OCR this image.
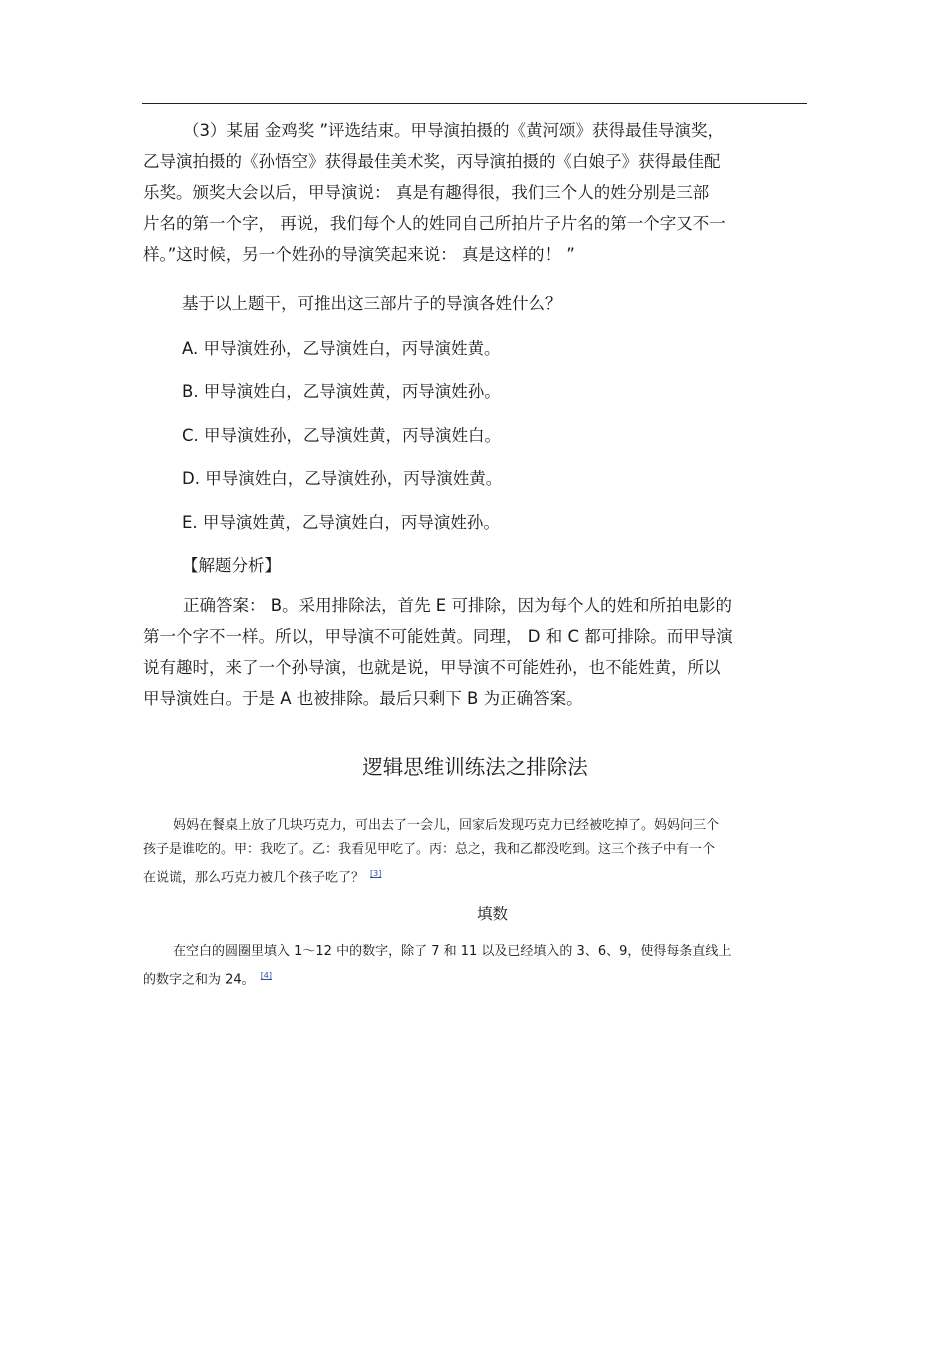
（3）某届 金鸡奖 ”评选结束。甲导演拍摄的《黄河颂》获得最佳导演奖，
乙导演拍摄的《孙悟空》获得最佳美术奖，丙导演拍摄的《白娘子》获得最佳配
乐奖。颁奖大会以后，甲导演说： 真是有趣得很，我们三个人的姓分别是三部
片名的第一个字， 再说，我们每个人的姓同自己所拍片子片名的第一个字又不一
样。”这时候，另一个姓孙的导演笑起来说： 真是这样的！ ”
基于以上题干，可推出这三部片子的导演各姓什么？
A. 甲导演姓孙，乙导演姓白，丙导演姓黄。
B. 甲导演姓白，乙导演姓黄，丙导演姓孙。
C. 甲导演姓孙，乙导演姓黄，丙导演姓白。
D. 甲导演姓白，乙导演姓孙，丙导演姓黄。
E. 甲导演姓黄，乙导演姓白，丙导演姓孙。
【解题分析】
正确答案： B。采用排除法，首先 E 可排除，因为每个人的姓和所拍电影的
第一个字不一样。所以，甲导演不可能姓黄。同理， D 和 C 都可排除。而甲导演
说有趣时，来了一个孙导演，也就是说，甲导演不可能姓孙，也不能姓黄，所以
甲导演姓白。于是 A 也被排除。最后只剩下 B 为正确答案。
逻辑思维训练法之排除法
妈妈在餐桌上放了几块巧克力，可出去了一会儿，回家后发现巧克力已经被吃掉了。妈妈问三个
孩子是谁吃的。甲：我吃了。乙：我看见甲吃了。丙：总之，我和乙都没吃到。这三个孩子中有一个
在说谎，那么巧克力被几个孩子吃了？ [3]
填数
在空白的圆圈里填入 1～12 中的数字，除了 7 和 11 以及已经填入的 3、6、9，使得每条直线上
的数字之和为 24。 [4]
